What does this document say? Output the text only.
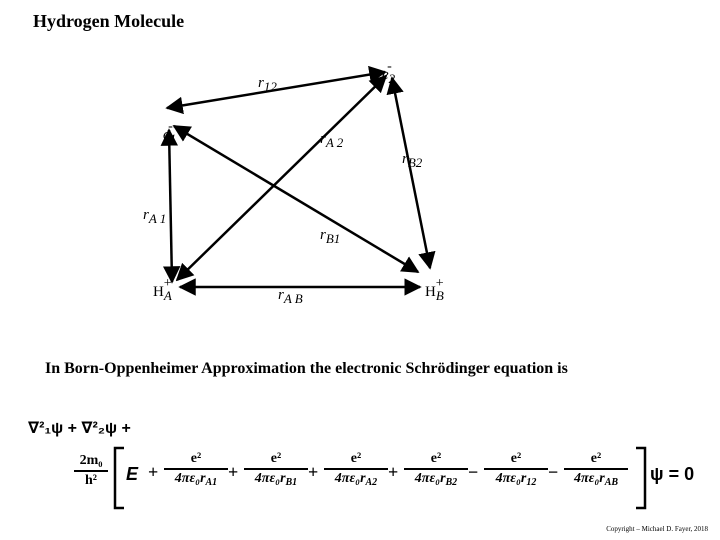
Hydrogen Molecule
e2-
r12
e1-
rA 2
rB2
rA 1
rB1
HA+
rA B	HB+
In Born-Oppenheimer Approximation the electronic Schrödinger equation is
∇²₁ψ + ∇²₂ψ +
$\frac{\text{2m₀}}{\text{h²}}$ $E + \frac{\text{e²}}{4\pi\varepsilon_0r_{A1}} + \frac{\text{e²}}{4\pi\varepsilon_0r_{B1}} + \frac{\text{e²}}{4\pi\varepsilon_0r_{A2}} + \frac{\text{e²}}{4\pi\varepsilon_0r_{B2}} - \frac{\text{e²}}{4\pi\varepsilon_0r_{12}}$ −
e²
$4\pi\varepsilon_0r_{AB}$	ψ = 0
Copyright – Michael D. Fayer, 2018
